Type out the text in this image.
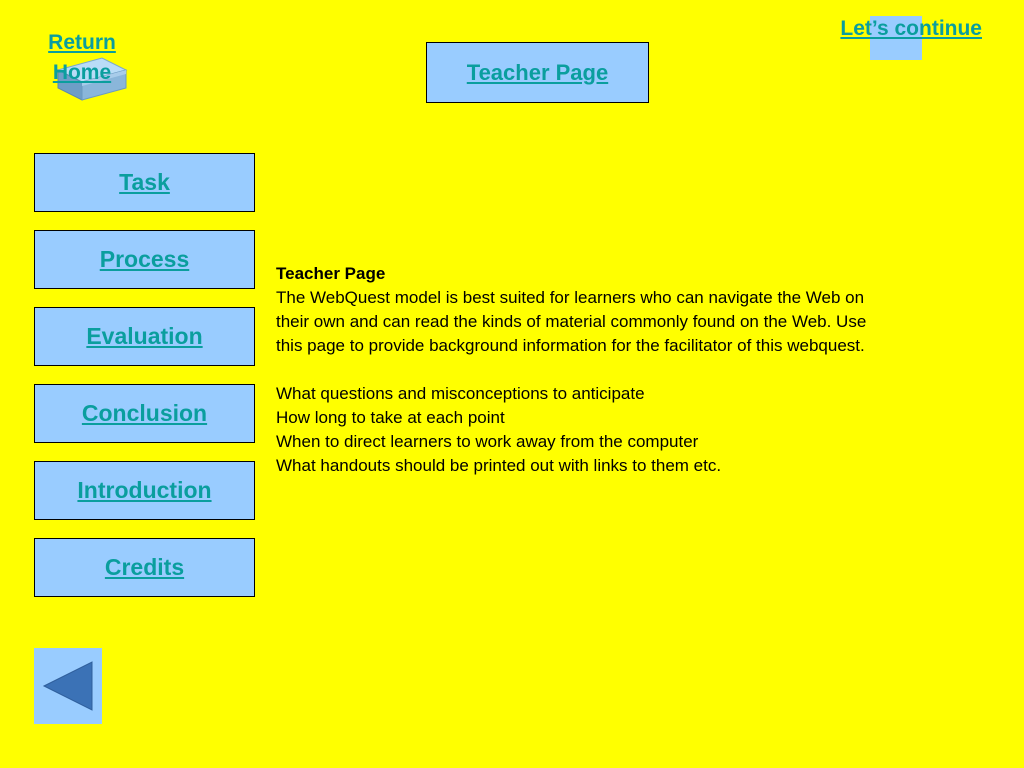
Return
Home
Let’s continue
Teacher Page
Task
Process
Evaluation
Conclusion
Introduction
Credits
Teacher Page
The WebQuest model is best suited for learners who can navigate the Web on
their own and can read the kinds of material commonly found on the Web. Use
this page to provide background information for the facilitator of this webquest.
What questions and misconceptions to anticipate
How long to take at each point
When to direct learners to work away from the computer
What handouts should be printed out with links to them etc.
